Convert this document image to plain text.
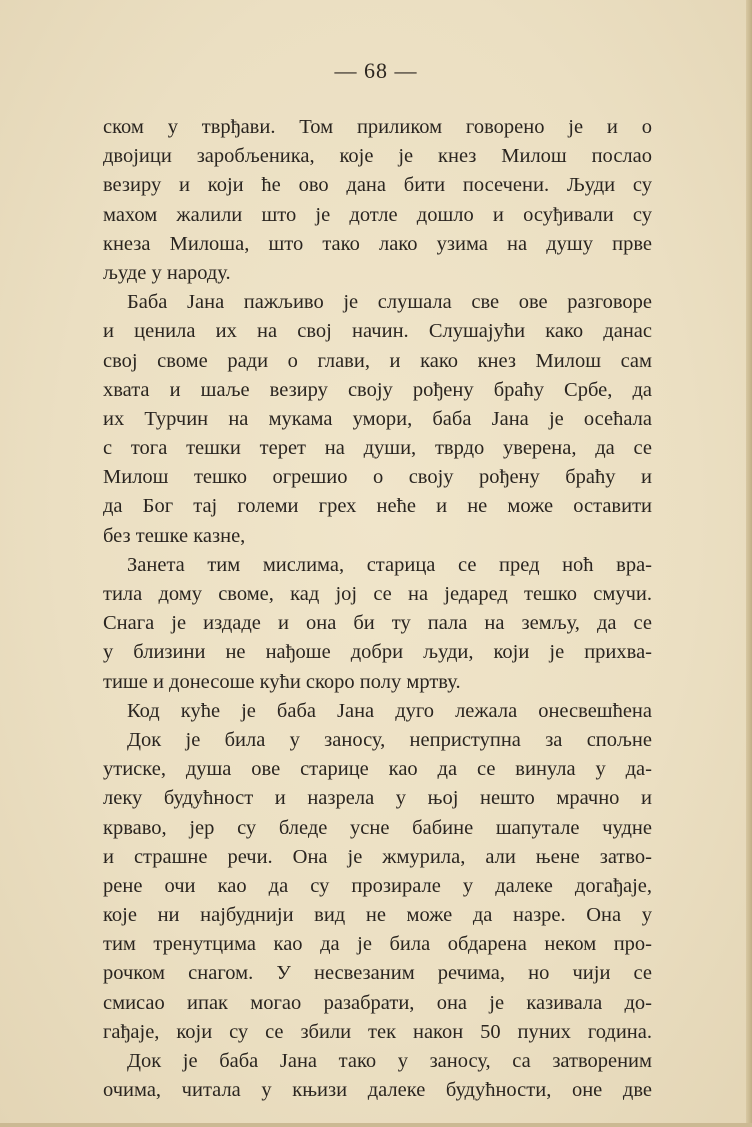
— 68 —
ском у тврђави. Том приликом говорено је и о
двојици заробљеника, које је кнез Милош послао
везиру и који ће ово дана бити посечени. Људи су
махом жалили што је дотле дошло и осуђивали су
кнеза Милоша, што тако лако узима на душу прве
људе у народу.
Баба Јана пажљиво је слушала све ове разговоре
и ценила их на свој начин. Слушајући како данас
свој своме ради о глави, и како кнез Милош сам
хвата и шаље везиру своју рођену браћу Србе, да
их Турчин на мукама умори, баба Јана је осећала
с тога тешки терет на души, тврдо уверена, да се
Милош тешко огрешио о своју рођену браћу и
да Бог тај големи грех неће и не може оставити
без тешке казне,
Занета тим мислима, старица се пред ноћ вра-
тила дому своме, кад јој се на једаред тешко смучи.
Снага је издаде и она би ту пала на земљу, да се
у близини не нађоше добри људи, који је прихва-
тише и донесоше кући скоро полу мртву.
Код куће је баба Јана дуго лежала онесвешћена
Док је била у заносу, неприступна за спољне
утиске, душа ове старице као да се винула у да-
леку будућност и назрела у њој нешто мрачно и
крваво, јер су бледе усне бабине шапутале чудне
и страшне речи. Она је жмурила, али њене затво-
рене очи као да су прозирале у далеке догађаје,
које ни најбуднији вид не може да назре. Она у
тим тренутцима као да је била обдарена неком про-
рочком снагом. У несвезаним речима, но чији се
смисао ипак могао разабрати, она је казивала до-
гађаје, који су се збили тек након 50 пуних година.
Док је баба Јана тако у заносу, са затвореним
очима, читала у књизи далеке будућности, оне две
